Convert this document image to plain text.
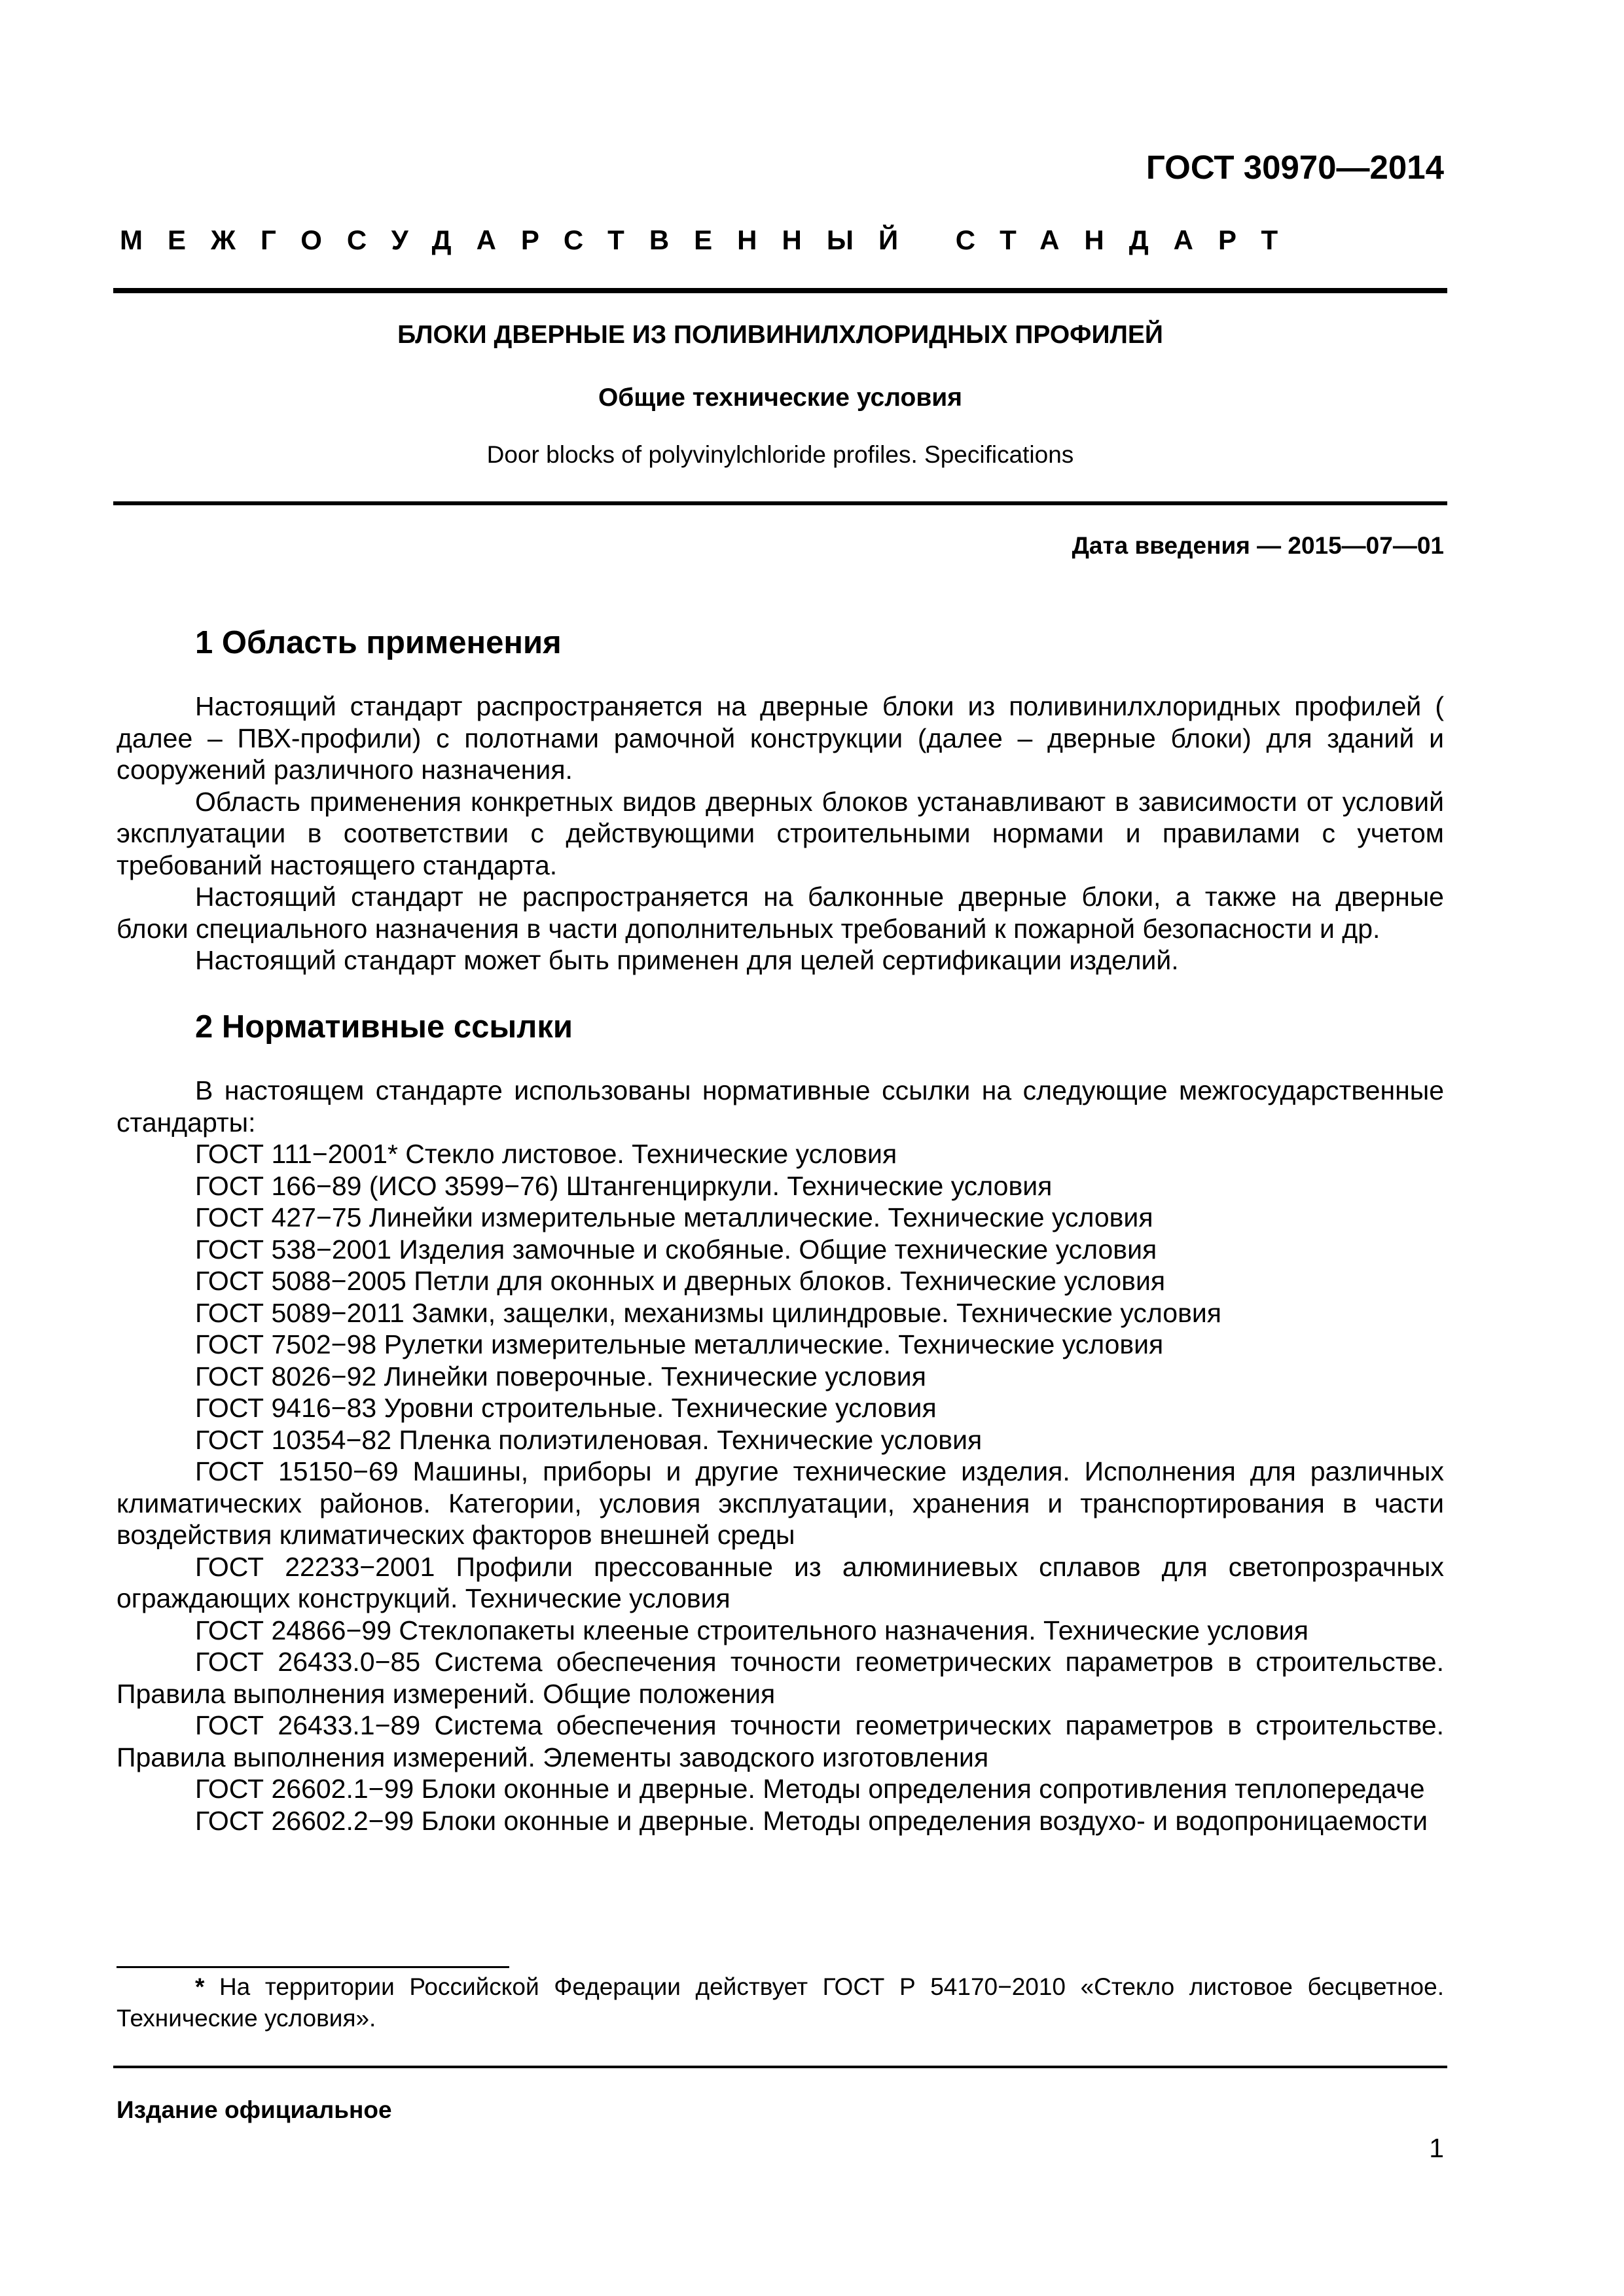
ГОСТ 30970—2014
МЕЖГОСУДАРСТВЕННЫЙ СТАНДАРТ
БЛОКИ ДВЕРНЫЕ ИЗ ПОЛИВИНИЛХЛОРИДНЫХ ПРОФИЛЕЙ
Общие технические условия
Door blocks of polyvinylchloride profiles. Specifications
Дата введения — 2015—07—01
1 Область применения

Настоящий стандарт распространяется на дверные блоки из поливинилхлоридных профилей ( далее – ПВХ-профили) с полотнами рамочной конструкции (далее – дверные блоки) для зданий и сооружений различного назначения.

Область применения конкретных видов дверных блоков устанавливают в зависимости от условий эксплуатации в соответствии с действующими строительными нормами и правилами с учетом требований настоящего стандарта.

Настоящий стандарт не распространяется на балконные дверные блоки, а также на дверные блоки специального назначения в части дополнительных требований к пожарной безопасности и др.

Настоящий стандарт может быть применен для целей сертификации изделий.

2 Нормативные ссылки

В настоящем стандарте использованы нормативные ссылки на следующие межгосударственные стандарты:

ГОСТ 111−2001* Стекло листовое. Технические условия

ГОСТ 166−89 (ИСО 3599−76) Штангенциркули. Технические условия

ГОСТ 427−75 Линейки измерительные металлические. Технические условия

ГОСТ 538−2001 Изделия замочные и скобяные. Общие технические условия

ГОСТ 5088−2005 Петли для оконных и дверных блоков. Технические условия

ГОСТ 5089−2011 Замки, защелки, механизмы цилиндровые. Технические условия

ГОСТ 7502−98 Рулетки измерительные металлические. Технические условия

ГОСТ 8026−92 Линейки поверочные. Технические условия

ГОСТ 9416−83 Уровни строительные. Технические условия

ГОСТ 10354−82 Пленка полиэтиленовая. Технические условия

ГОСТ 15150−69 Машины, приборы и другие технические изделия. Исполнения для различных климатических районов. Категории, условия эксплуатации, хранения и транспортирования в части воздействия климатических факторов внешней среды

ГОСТ 22233−2001 Профили прессованные из алюминиевых сплавов для светопрозрачных ограждающих конструкций. Технические условия

ГОСТ 24866−99 Стеклопакеты клееные строительного назначения. Технические условия

ГОСТ 26433.0−85 Система обеспечения точности геометрических параметров в строительстве. Правила выполнения измерений. Общие положения

ГОСТ 26433.1−89 Система обеспечения точности геометрических параметров в строительстве. Правила выполнения измерений. Элементы заводского изготовления

ГОСТ 26602.1−99 Блоки оконные и дверные. Методы определения сопротивления теплопередаче

ГОСТ 26602.2−99 Блоки оконные и дверные. Методы определения воздухо- и водопроницаемости

* На территории Российской Федерации действует ГОСТ Р 54170−2010 «Стекло листовое бесцветное. Технические условия».

Издание официальное
1
